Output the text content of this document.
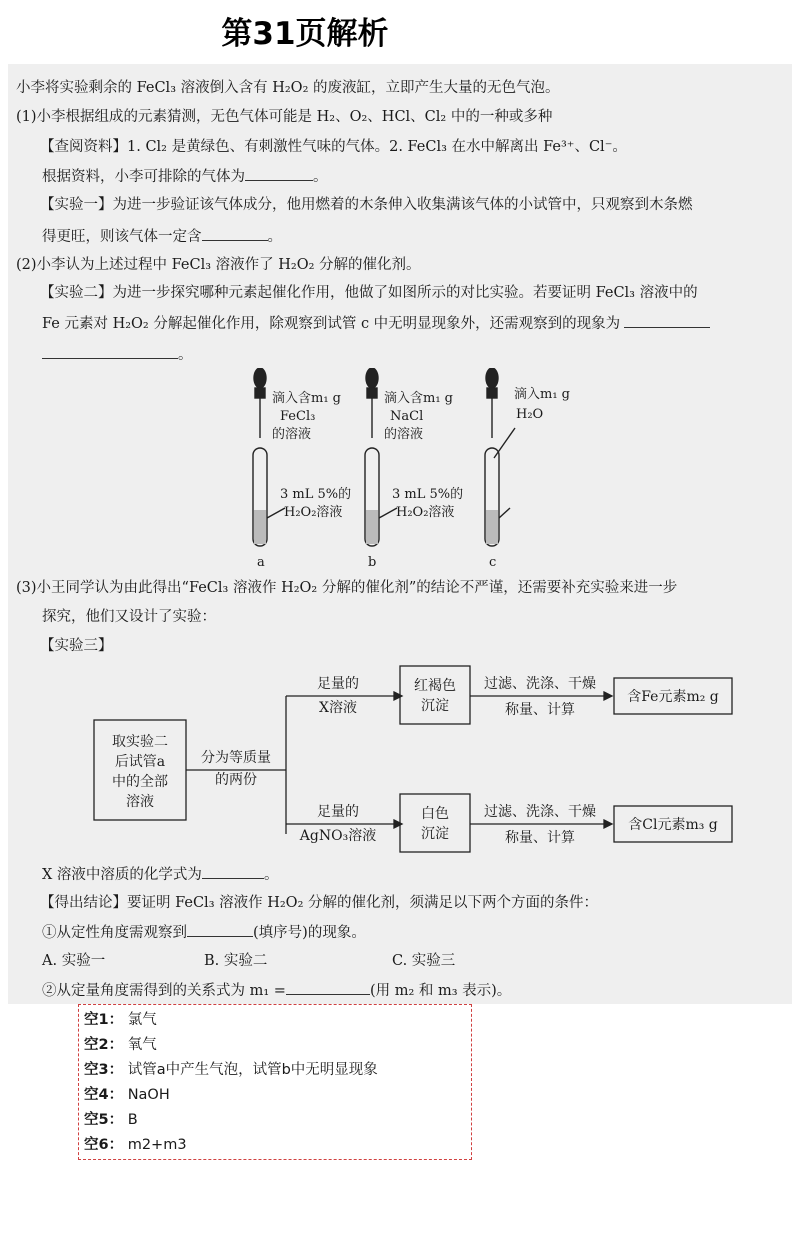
第31页解析
小李将实验剩余的 FeCl₃ 溶液倒入含有 H₂O₂ 的废液缸，立即产生大量的无色气泡。
(1)小李根据组成的元素猜测，无色气体可能是 H₂、O₂、HCl、Cl₂ 中的一种或多种
【查阅资料】1. Cl₂ 是黄绿色、有刺激性气味的气体。2. FeCl₃ 在水中解离出 Fe³⁺、Cl⁻。
根据资料，小李可排除的气体为	。
【实验一】为进一步验证该气体成分，他用燃着的木条伸入收集满该气体的小试管中，只观察到木条燃
得更旺，则该气体一定含	。
(2)小李认为上述过程中 FeCl₃ 溶液作了 H₂O₂ 分解的催化剂。
【实验二】为进一步探究哪种元素起催化作用，他做了如图所示的对比实验。若要证明 FeCl₃ 溶液中的
Fe 元素对 H₂O₂ 分解起催化作用，除观察到试管 c 中无明显现象外，还需观察到的现象为
。
滴入含m₁ g
FeCl₃
的溶液
滴入含m₁ g
NaCl
的溶液
滴入m₁ g
H₂O
3 mL 5%的
H₂O₂溶液
3 mL 5%的
H₂O₂溶液
a	b	c
(3)小王同学认为由此得出“FeCl₃ 溶液作 H₂O₂ 分解的催化剂”的结论不严谨，还需要补充实验来进一步
探究，他们又设计了实验：
【实验三】
取实验二
后试管a
中的全部
溶液
分为等质量
的两份
足量的
X溶液
红褐色
沉淀
过滤、洗涤、干燥
称量、计算
含Fe元素m₂ g
足量的
AgNO₃溶液
白色
沉淀
过滤、洗涤、干燥
称量、计算
含Cl元素m₃ g
X 溶液中溶质的化学式为	。
【得出结论】要证明 FeCl₃ 溶液作 H₂O₂ 分解的催化剂，须满足以下两个方面的条件：
①从定性角度需观察到	(填序号)的现象。
A. 实验一	B. 实验二	C. 实验三
②从定量角度需得到的关系式为 m₁ =	(用 m₂ 和 m₃ 表示)。
空1： 氯气
空2： 氧气
空3： 试管a中产生气泡，试管b中无明显现象
空4： NaOH
空5： B
空6： m2+m3
